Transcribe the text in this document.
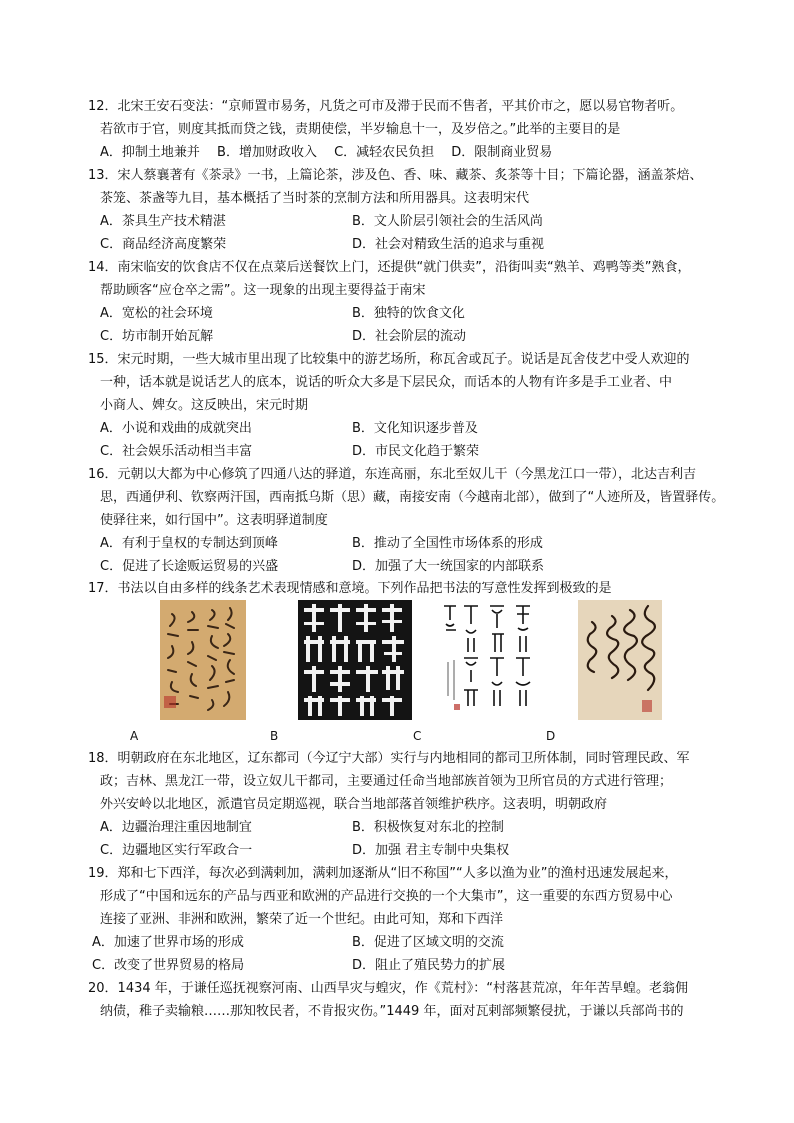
12．北宋王安石变法：“京师置市易务，凡货之可市及滞于民而不售者，平其价市之，愿以易官物者听。
若欲市于官，则度其抵而贷之钱，责期使偿，半岁输息十一，及岁倍之。”此举的主要目的是
A．抑制土地兼并　 B．增加财政收入　 C．减轻农民负担　 D．限制商业贸易
13．宋人蔡襄著有《茶录》一书，上篇论茶，涉及色、香、味、藏茶、炙茶等十目；下篇论器，涵盖茶焙、
茶笼、茶盏等九目，基本概括了当时茶的烹制方法和所用器具。这表明宋代
A．茶具生产技术精湛	B．文人阶层引领社会的生活风尚
C．商品经济高度繁荣	D．社会对精致生活的追求与重视
14．南宋临安的饮食店不仅在点菜后送餐饮上门，还提供“就门供卖”，沿街叫卖“熟羊、鸡鸭等类”熟食，
帮助顾客“应仓卒之需”。这一现象的出现主要得益于南宋
A．宽松的社会环境	B．独特的饮食文化
C．坊市制开始瓦解	D．社会阶层的流动
15．宋元时期，一些大城市里出现了比较集中的游艺场所，称瓦舍或瓦子。说话是瓦舍伎艺中受人欢迎的
一种，话本就是说话艺人的底本，说话的听众大多是下层民众，而话本的人物有许多是手工业者、中
小商人、婢女。这反映出，宋元时期
A．小说和戏曲的成就突出	B．文化知识逐步普及
C．社会娱乐活动相当丰富	D．市民文化趋于繁荣
16．元朝以大都为中心修筑了四通八达的驿道，东连高丽，东北至奴儿干（今黑龙江口一带），北达吉利吉
思，西通伊利、钦察两汗国，西南抵乌斯（思）藏，南接安南（今越南北部），做到了“人迹所及，皆置驿传。
使驿往来，如行国中”。这表明驿道制度
A．有利于皇权的专制达到顶峰	B．推动了全国性市场体系的形成
C．促进了长途贩运贸易的兴盛	D．加强了大一统国家的内部联系
17．书法以自由多样的线条艺术表现情感和意境。下列作品把书法的写意性发挥到极致的是
A	B	C	D
18．明朝政府在东北地区，辽东都司（今辽宁大部）实行与内地相同的都司卫所体制，同时管理民政、军
政；吉林、黑龙江一带，设立奴儿干都司，主要通过任命当地部族首领为卫所官员的方式进行管理；
外兴安岭以北地区，派遣官员定期巡视，联合当地部落首领维护秩序。这表明，明朝政府
A．边疆治理注重因地制宜	B．积极恢复对东北的控制
C．边疆地区实行军政合一	D．加强 君主专制中央集权
19．郑和七下西洋，每次必到满剌加，满剌加逐渐从“旧不称国”“人多以渔为业”的渔村迅速发展起来，
形成了“中国和远东的产品与西亚和欧洲的产品进行交换的一个大集市”，这一重要的东西方贸易中心
连接了亚洲、非洲和欧洲，繁荣了近一个世纪。由此可知，郑和下西洋
A．加速了世界市场的形成	B．促进了区域文明的交流
C．改变了世界贸易的格局	D．阻止了殖民势力的扩展
20．1434 年，于谦任巡抚视察河南、山西旱灾与蝗灾，作《荒村》：“村落甚荒凉，年年苦旱蝗。老翁佣
纳债，稚子卖输粮……那知牧民者，不肯报灾伤。”1449 年，面对瓦剌部频繁侵扰，于谦以兵部尚书的
